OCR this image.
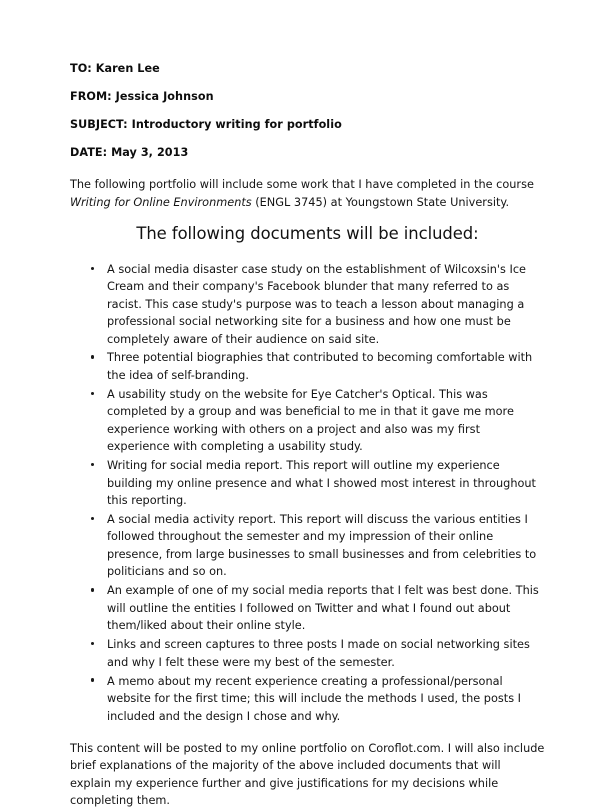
TO: Karen Lee

FROM: Jessica Johnson

SUBJECT: Introductory writing for portfolio

DATE: May 3, 2013

The following portfolio will include some work that I have completed in the course Writing for Online Environments (ENGL 3745) at Youngstown State University.

The following documents will be included:
A social media disaster case study on the establishment of Wilcoxsin's Ice Cream and their company's Facebook blunder that many referred to as racist. This case study's purpose was to teach a lesson about managing a professional social networking site for a business and how one must be completely aware of their audience on said site.
Three potential biographies that contributed to becoming comfortable with the idea of self-branding.
A usability study on the website for Eye Catcher's Optical. This was completed by a group and was beneficial to me in that it gave me more experience working with others on a project and also was my first experience with completing a usability study.
Writing for social media report. This report will outline my experience building my online presence and what I showed most interest in throughout this reporting.
A social media activity report. This report will discuss the various entities I followed throughout the semester and my impression of their online presence, from large businesses to small businesses and from celebrities to politicians and so on.
An example of one of my social media reports that I felt was best done. This will outline the entities I followed on Twitter and what I found out about them/liked about their online style.
Links and screen captures to three posts I made on social networking sites and why I felt these were my best of the semester.
A memo about my recent experience creating a professional/personal website for the first time; this will include the methods I used, the posts I included and the design I chose and why.

This content will be posted to my online portfolio on Coroflot.com. I will also include brief explanations of the majority of the above included documents that will explain my experience further and give justifications for my decisions while completing them.
